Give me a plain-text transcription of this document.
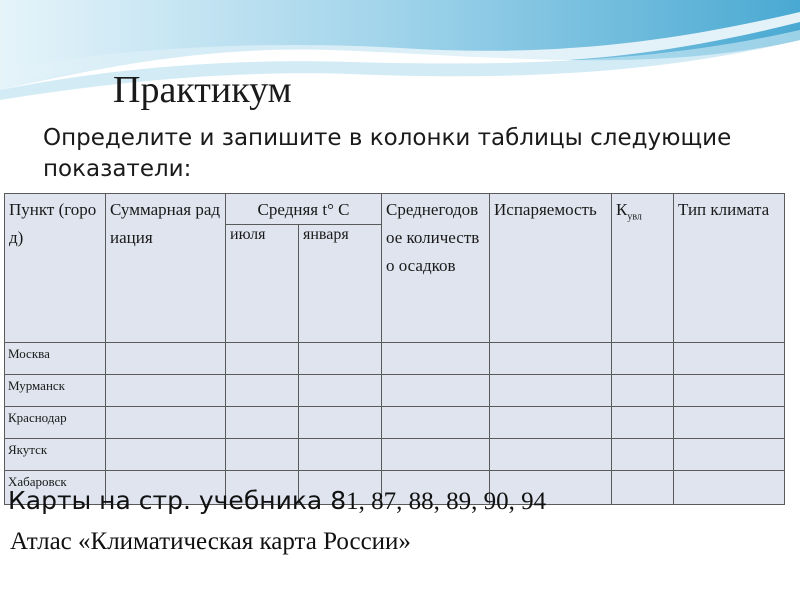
Практикум

Определите и запишите в колонки таблицы следующие показатели:

Пункт (город)	Суммарная радиация	Средняя t° С		Среднегодовое количество осадков	Испаряемость	$К_{увл}$	Тип климата
		июля	января				
Москва							
Мурманск							
Краснодар							
Якутск							
Хабаровск							

Карты на стр. учебника 81, 87, 88, 89, 90, 94

Атлас «Климатическая карта России»
